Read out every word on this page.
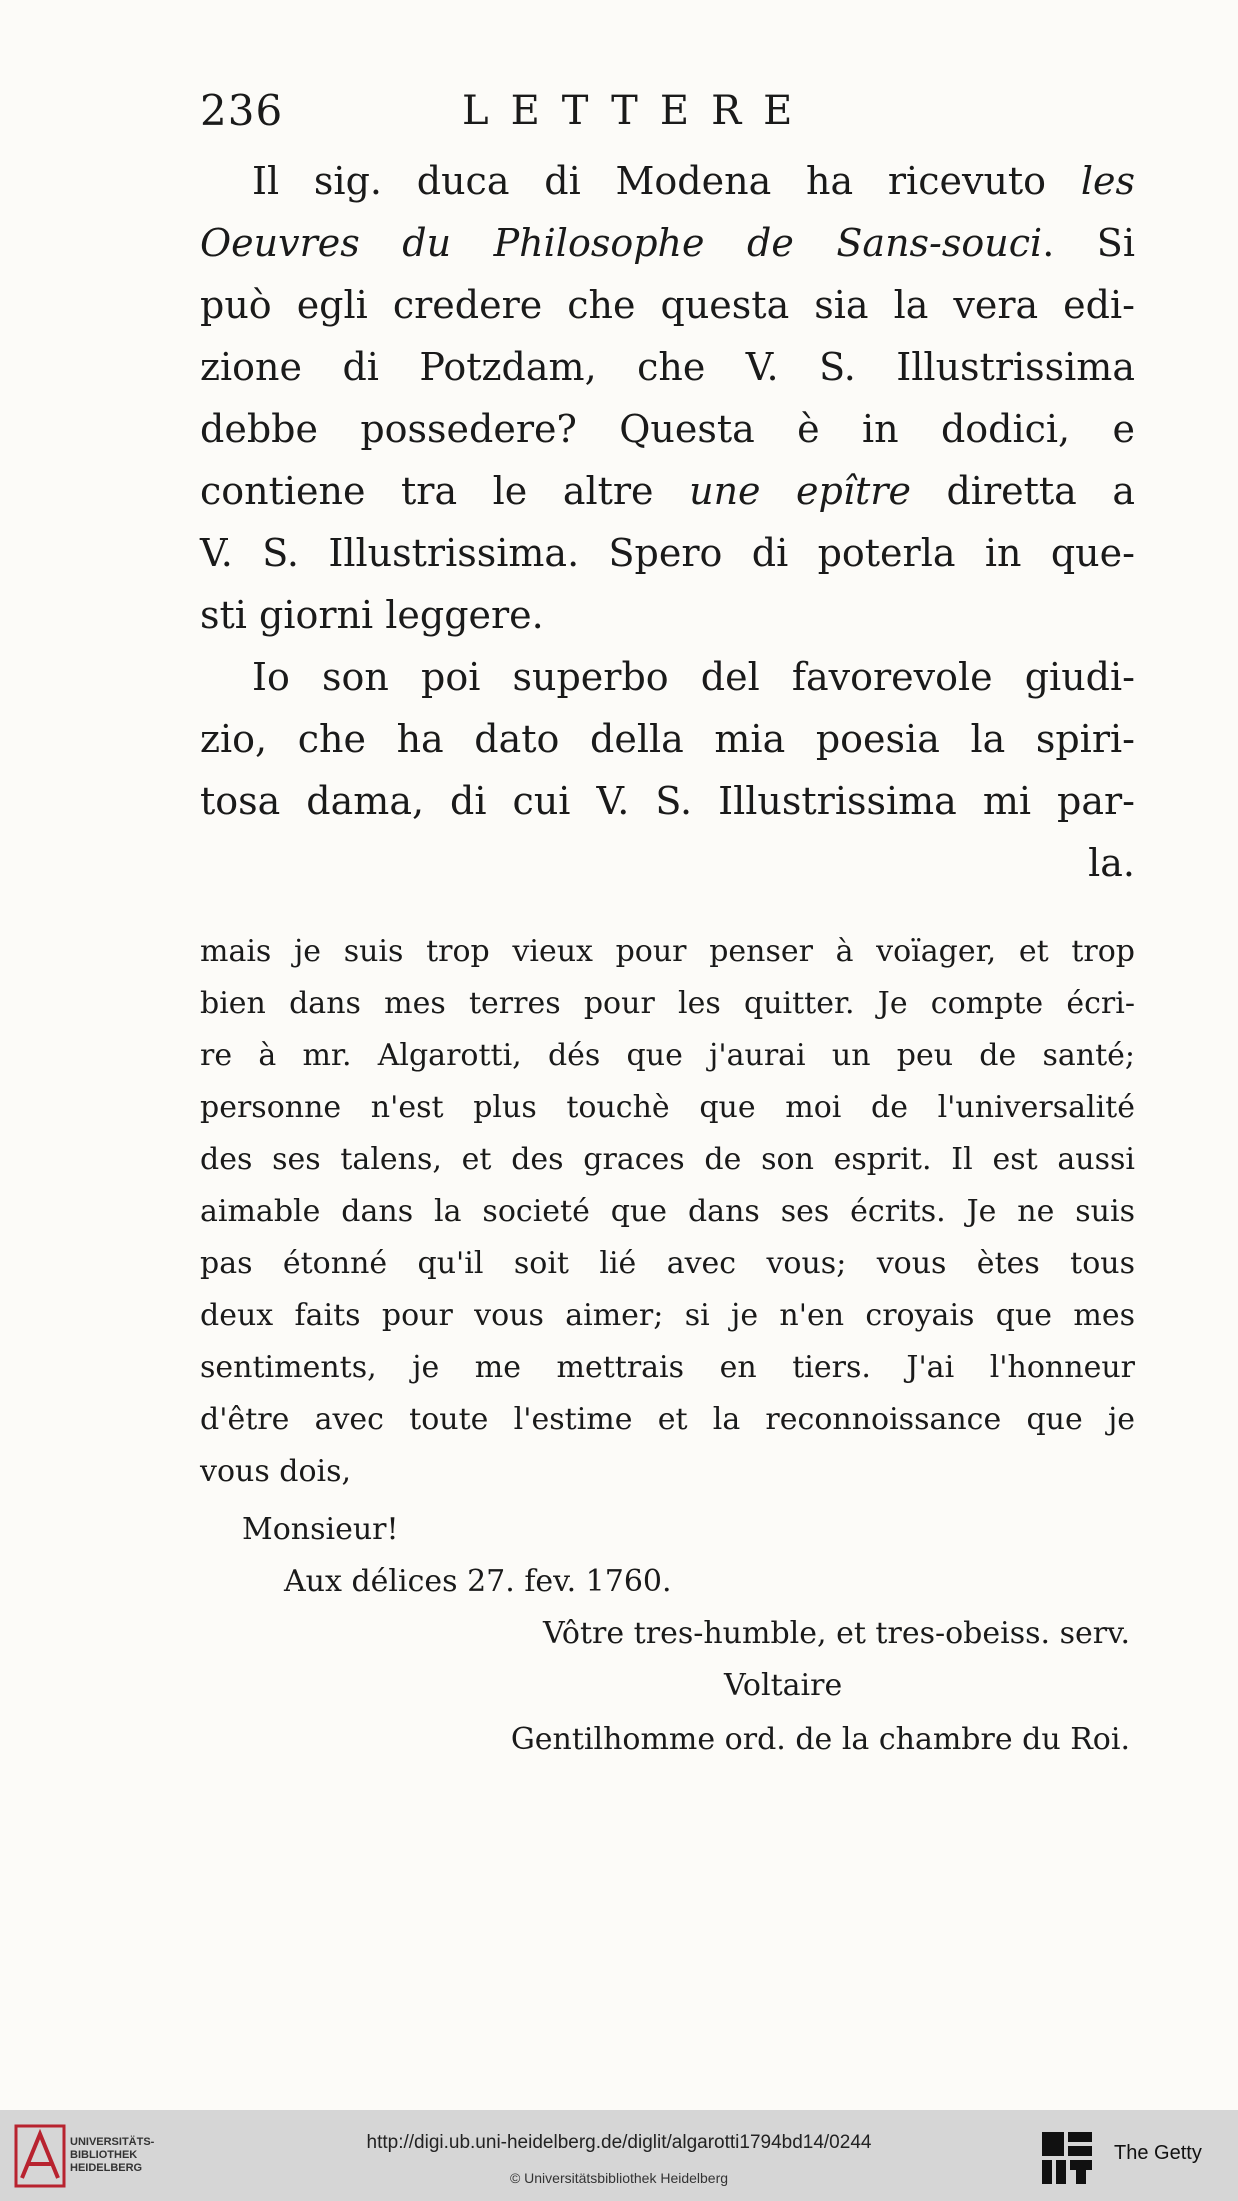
236	LETTERE
Il sig. duca di Modena ha ricevuto les
Oeuvres du Philosophe de Sans-souci. Si
può egli credere che questa sia la vera edi-
zione di Potzdam, che V. S. Illustrissima
debbe possedere? Questa è in dodici, e
contiene tra le altre une epître diretta a
V. S. Illustrissima. Spero di poterla in que-
sti giorni leggere.
Io son poi superbo del favorevole giudi-
zio, che ha dato della mia poesia la spiri-
tosa dama, di cui V. S. Illustrissima mi par-
la.
mais je suis trop vieux pour penser à voïager, et trop
bien dans mes terres pour les quitter. Je compte écri-
re à mr. Algarotti, dés que j'aurai un peu de santé;
personne n'est plus touchè que moi de l'universalité
des ses talens, et des graces de son esprit. Il est aussi
aimable dans la societé que dans ses écrits. Je ne suis
pas étonné qu'il soit lié avec vous; vous ètes tous
deux faits pour vous aimer; si je n'en croyais que mes
sentiments, je me mettrais en tiers. J'ai l'honneur
d'être avec toute l'estime et la reconnoissance que je
vous dois,
Monsieur!
Aux délices 27. fev. 1760.
Vôtre tres-humble, et tres-obeiss. serv.
Voltaire
Gentilhomme ord. de la chambre du Roi.
UNIVERSITÄTS-
BIBLIOTHEK
HEIDELBERG
http://digi.ub.uni-heidelberg.de/diglit/algarotti1794bd14/0244
© Universitätsbibliothek Heidelberg
The Getty
